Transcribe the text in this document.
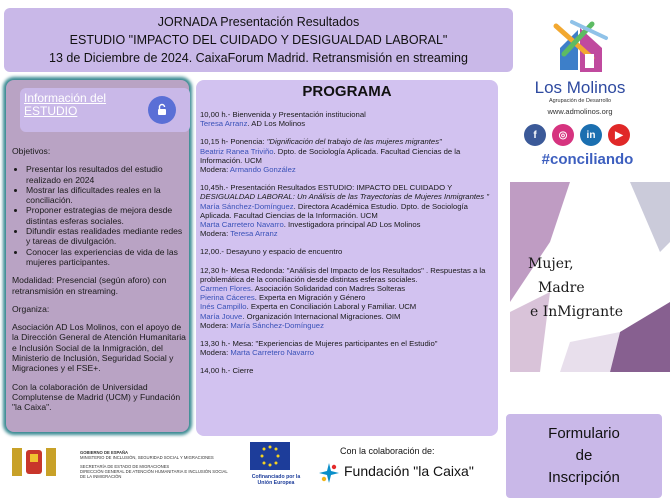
JORNADA Presentación Resultados
ESTUDIO "IMPACTO DEL CUIDADO Y DESIGUALDAD LABORAL"
13 de Diciembre de 2024. CaixaForum Madrid. Retransmisión en streaming
Información del ESTUDIO

Objetivos:

• Presentar los resultados del estudio realizado en 2024
• Mostrar las dificultades reales en la conciliación.
• Proponer estrategias de mejora desde distintas esferas sociales.
• Difundir estas realidades mediante redes y tareas de divulgación.
• Conocer las experiencias de vida de las mujeres participantes.

Modalidad: Presencial (según aforo) con retransmisión en streaming.

Organiza:

Asociación AD Los Molinos, con el apoyo de la Dirección General de Atención Humanitaria e Inclusión Social de la Inmigración, del Ministerio de Inclusión, Seguridad Social y Migraciones y el FSE+.

Con la colaboración de Universidad Complutense de Madrid (UCM) y Fundación "la Caixa".

PROGRAMA
10,00 h.- Bienvenida y Presentación institucional
Teresa Arranz. AD Los Molinos
10,15 h- Ponencia: "Dignificación del trabajo de las mujeres migrantes"
Beatriz Ranea Triviño. Dpto. de Sociología Aplicada. Facultad Ciencias de la Información. UCM
Modera: Armando González
10,45h.- Presentación Resultados ESTUDIO: IMPACTO DEL CUIDADO Y DESIGUALDAD LABORAL: Un Análisis de las Trayectorias de Mujeres Inmigrantes "
María Sánchez-Domínguez. Directora Académica Estudio. Dpto. de Sociología Aplicada. Facultad Ciencias de la Información. UCM
Marta Carretero Navarro. Investigadora principal AD Los Molinos
Modera: Teresa Arranz
12,00.- Desayuno y espacio de encuentro
12,30 h- Mesa Redonda: "Análisis del Impacto de los Resultados" . Respuestas a la problemática de la conciliación desde distintas esferas sociales.
Carmen Flores. Asociación Solidaridad con Madres Solteras
Pierina Cáceres. Experta en Migración y Género
Inés Campillo. Experta en Conciliación Laboral y Familiar. UCM
María Jouve. Organización Internacional Migraciones. OIM
Modera: María Sánchez-Domínguez
13,30 h.- Mesa: "Experiencias de Mujeres participantes en el Estudio"
Modera: Marta Carretero Navarro
14,00 h.- Cierre
Los Molinos
Agrupación de Desarrollo
www.admolinos.org
f	◎	in	▶
#conciliando
Mujer,
Madre
e InMigrante
Formulario
de
Inscripción
GOBIERNO DE ESPAÑA
MINISTERIO DE INCLUSIÓN, SEGURIDAD SOCIAL Y MIGRACIONES
SECRETARÍA DE ESTADO DE MIGRACIONES
DIRECCIÓN GENERAL DE ATENCIÓN HUMANITARIA E INCLUSIÓN SOCIAL DE LA INMIGRACIÓN	Cofinanciado por la Unión Europea
Con la colaboración de:
Fundación "la Caixa"
